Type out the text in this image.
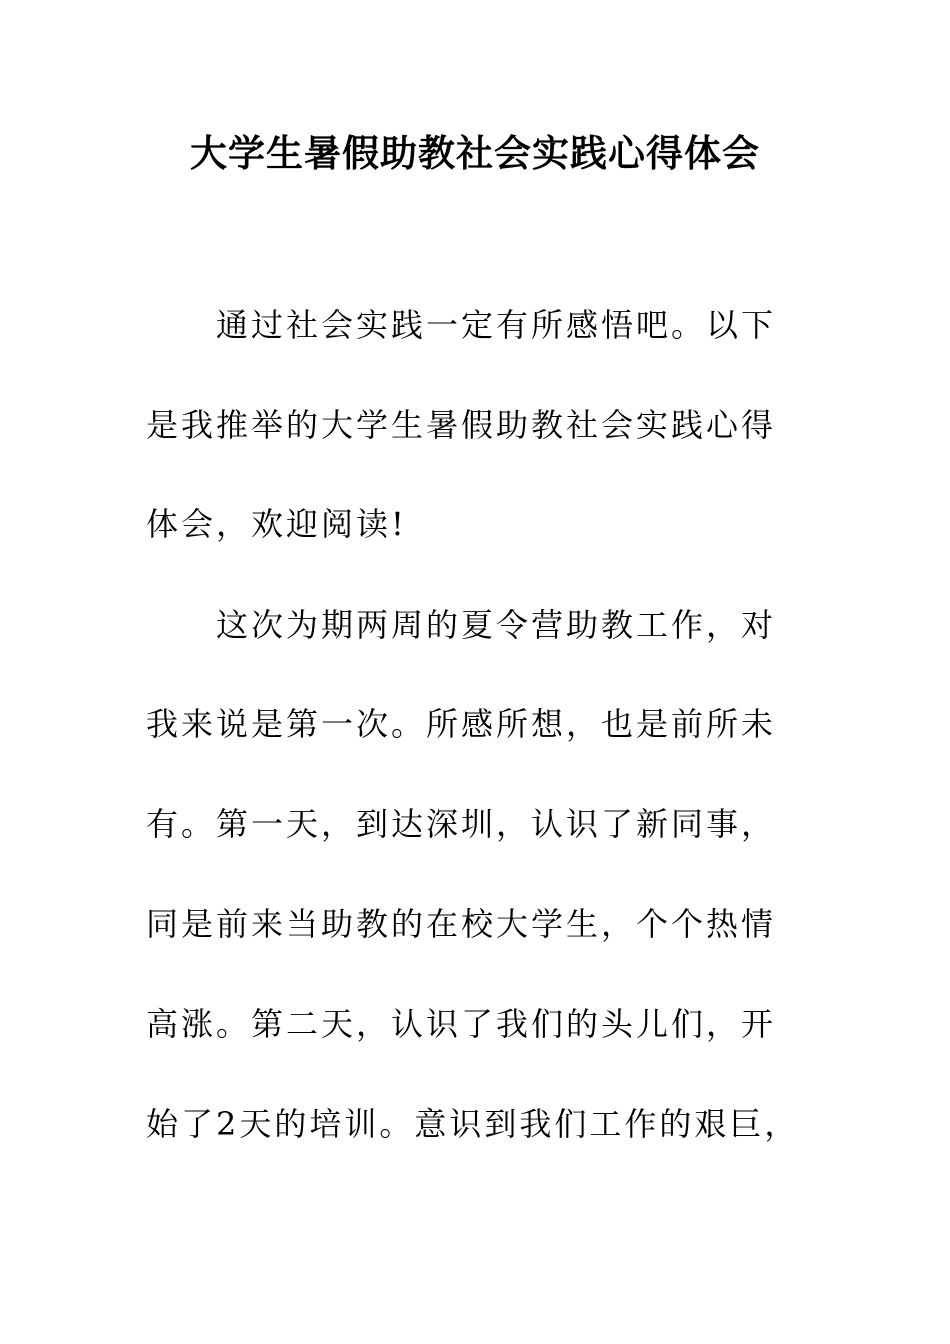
大学生暑假助教社会实践心得体会
　　通过社会实践一定有所感悟吧。以下
是我推举的大学生暑假助教社会实践心得
体会，欢迎阅读!
　　这次为期两周的夏令营助教工作，对
我来说是第一次。所感所想，也是前所未
有。第一天，到达深圳，认识了新同事，
同是前来当助教的在校大学生，个个热情
高涨。第二天，认识了我们的头儿们，开
始了2天的培训。意识到我们工作的艰巨，
